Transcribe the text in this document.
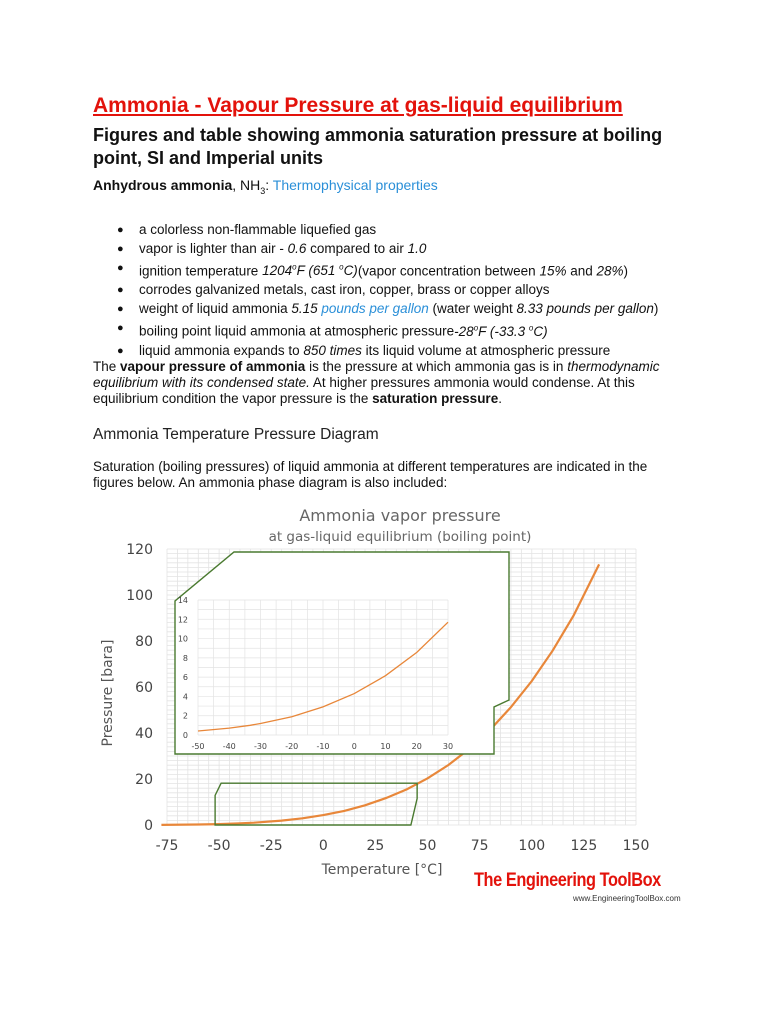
Ammonia - Vapour Pressure at gas-liquid equilibrium
Figures and table showing ammonia saturation pressure at boiling point, SI and Imperial units
Anhydrous ammonia, $NH_3$: Thermophysical properties
● a colorless non-flammable liquefied gas
● vapor is lighter than air - 0.6 compared to air 1.0
● ignition temperature 1204$^o$F (651 $^o$C)(vapor concentration between 15% and 28%)
● corrodes galvanized metals, cast iron, copper, brass or copper alloys
● weight of liquid ammonia 5.15 pounds per gallon (water weight 8.33 pounds per gallon)
● boiling point liquid ammonia at atmospheric pressure-28$^o$F (-33.3 $^o$C)
● liquid ammonia expands to 850 times its liquid volume at atmospheric pressure

The vapour pressure of ammonia is the pressure at which ammonia gas is in thermodynamic equilibrium with its condensed state. At higher pressures ammonia would condense. At this equilibrium condition the vapor pressure is the saturation pressure.

Ammonia Temperature Pressure Diagram

Saturation (boiling pressures) of liquid ammonia at different temperatures are indicated in the figures below. An ammonia phase diagram is also included:

Ammonia vapor pressure
at gas-liquid equilibrium (boiling point)
0
20
40
60
80
100
120
-75 -50 -25	0	25 50 75 100 125 150
Pressure [bara]
Temperature [°C]
0
2
4
6
8
10
12
14
-50 -40 -30 -20 -10	0	10	20	30
The Engineering ToolBox
www.EngineeringToolBox.com
